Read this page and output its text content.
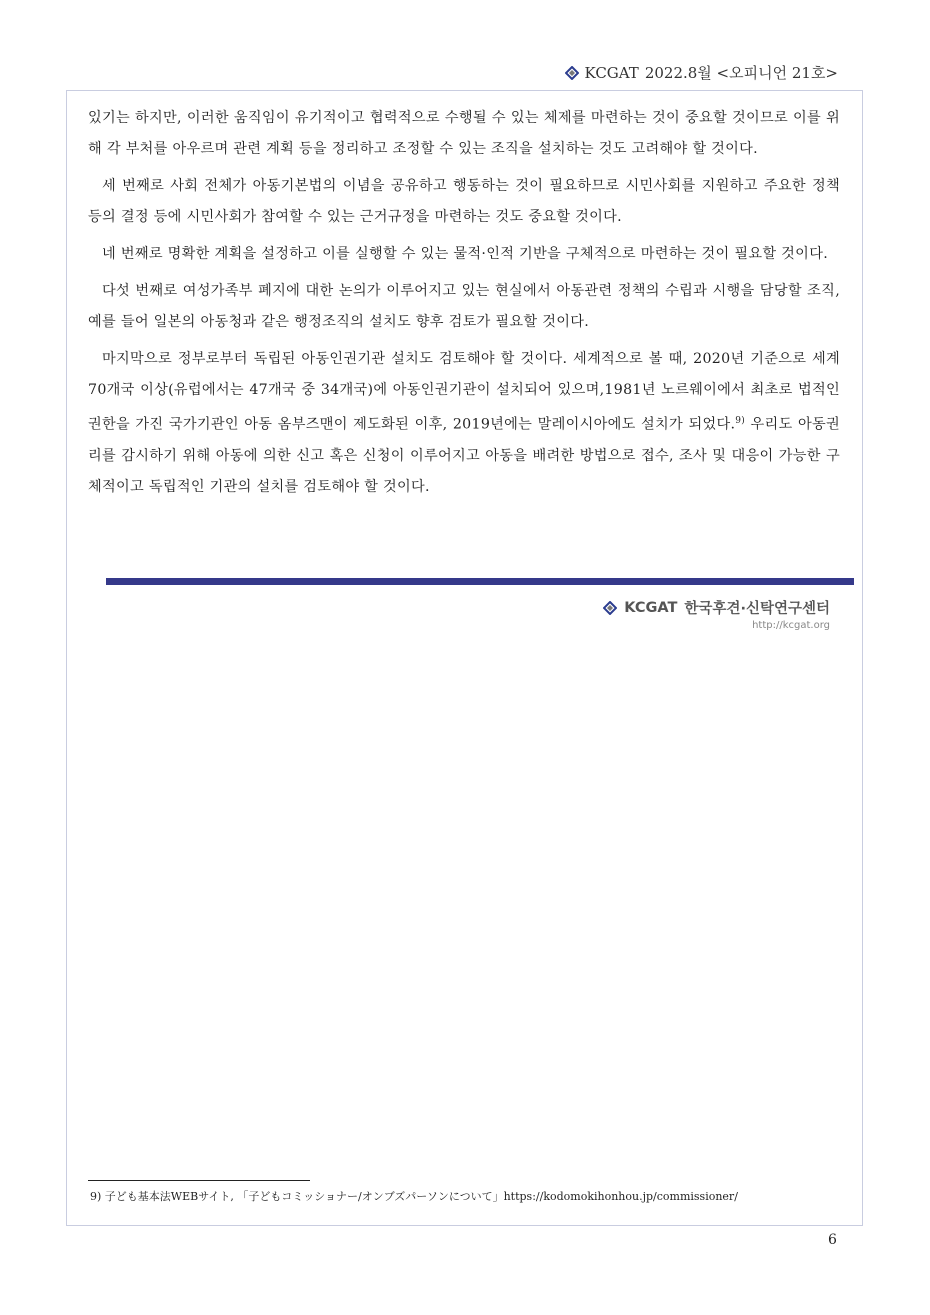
KCGAT 2022.8월 <오피니언 21호>

있기는 하지만, 이러한 움직임이 유기적이고 협력적으로 수행될 수 있는 체제를 마련하는 것이 중요할 것이므로 이를 위해 각 부처를 아우르며 관련 계획 등을 정리하고 조정할 수 있는 조직을 설치하는 것도 고려해야 할 것이다.

세 번째로 사회 전체가 아동기본법의 이념을 공유하고 행동하는 것이 필요하므로 시민사회를 지원하고 주요한 정책 등의 결정 등에 시민사회가 참여할 수 있는 근거규정을 마련하는 것도 중요할 것이다.

네 번째로 명확한 계획을 설정하고 이를 실행할 수 있는 물적·인적 기반을 구체적으로 마련하는 것이 필요할 것이다.

다섯 번째로 여성가족부 폐지에 대한 논의가 이루어지고 있는 현실에서 아동관련 정책의 수립과 시행을 담당할 조직, 예를 들어 일본의 아동청과 같은 행정조직의 설치도 향후 검토가 필요할 것이다.

마지막으로 정부로부터 독립된 아동인권기관 설치도 검토해야 할 것이다. 세계적으로 볼 때, 2020년 기준으로 세계 70개국 이상(유럽에서는 47개국 중 34개국)에 아동인권기관이 설치되어 있으며,1981년 노르웨이에서 최초로 법적인 권한을 가진 국가기관인 아동 옴부즈맨이 제도화된 이후, 2019년에는 말레이시아에도 설치가 되었다.$^{9)}$ 우리도 아동권리를 감시하기 위해 아동에 의한 신고 혹은 신청이 이루어지고 아동을 배려한 방법으로 접수, 조사 및 대응이 가능한 구체적이고 독립적인 기관의 설치를 검토해야 할 것이다.

KCGAT 한국후견·신탁연구센터
http://kcgat.org
9) 子ども基本法WEBサイト, 「子どもコミッショナー/オンブズパーソンについて」https://kodomokihonhou.jp/commissioner/
6
